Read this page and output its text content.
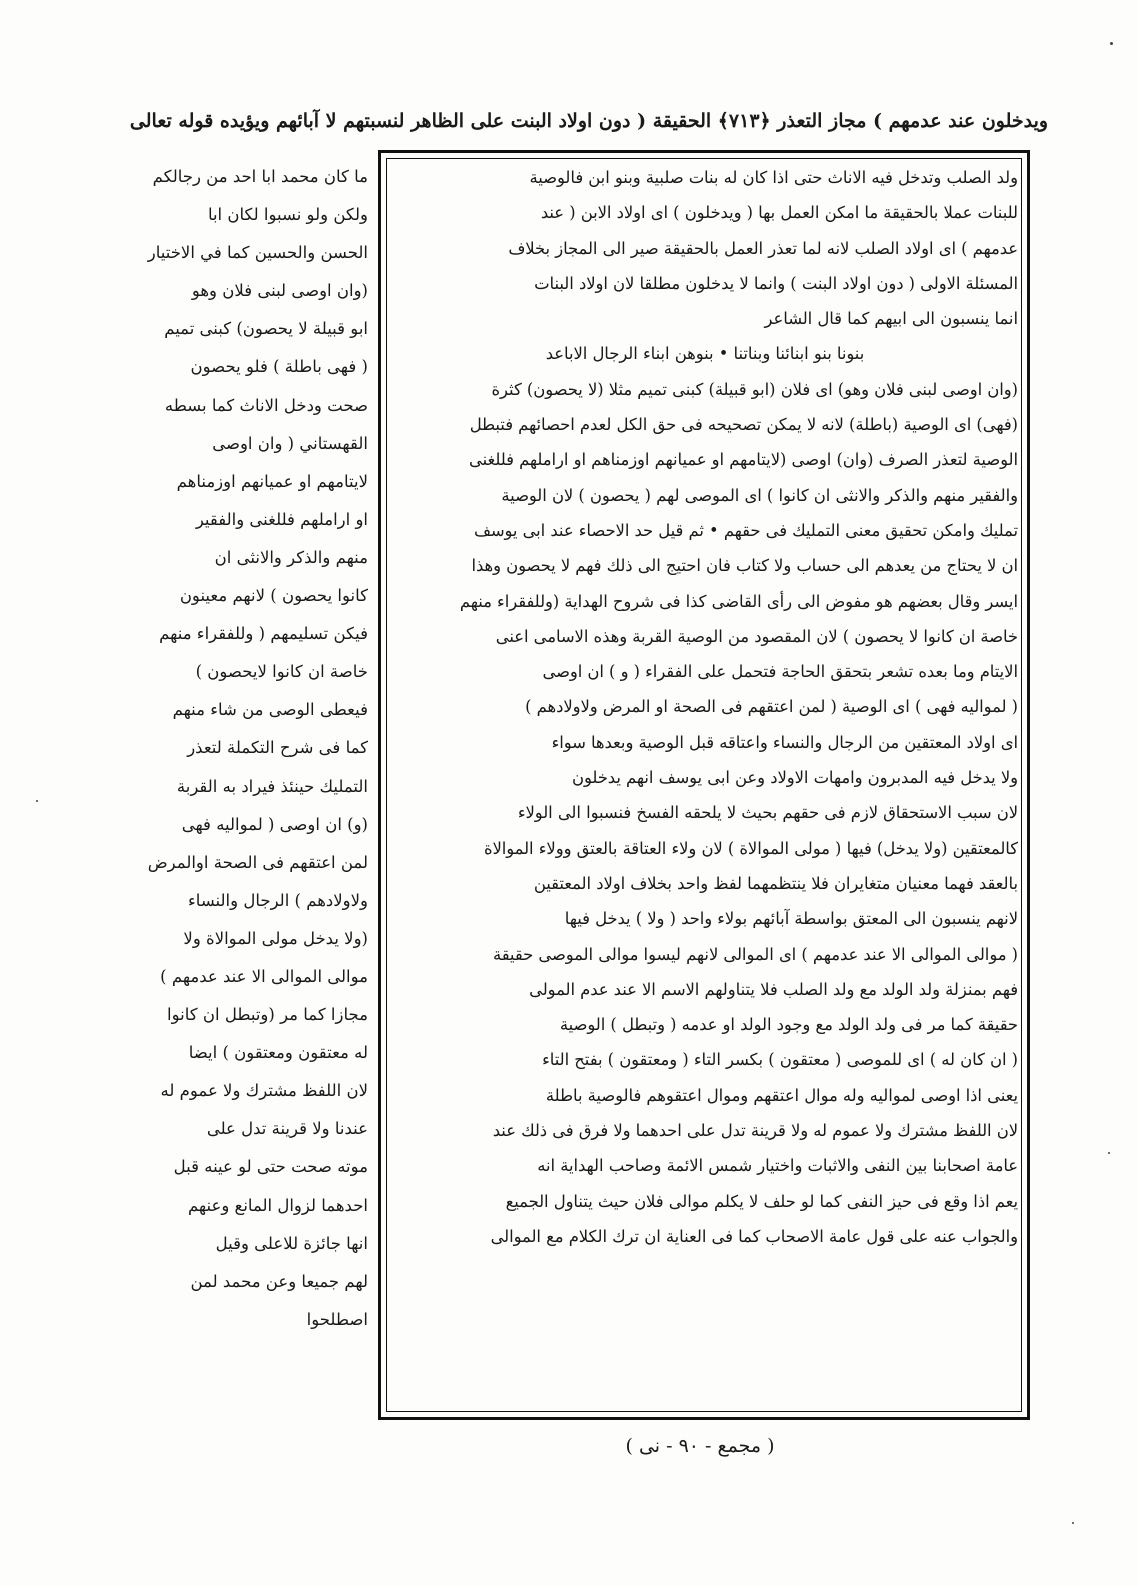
ويدخلون عند عدمهم ) مجاز التعذر ﴿٧١٣﴾ الحقيقة ( دون اولاد البنت على الظاهر لنسبتهم لا آبائهم ويؤيده قوله تعالى
ما كان محمد ابا احد من رجالكم
ولكن ولو نسبوا لكان ابا
الحسن والحسين كما في الاختيار
(وان اوصى لبنى فلان وهو
ابو قبيلة لا يحصون) كبنى تميم
( فهى باطلة ) فلو يحصون
صحت ودخل الاناث كما بسطه
القهستاني ( وان اوصى
لايتامهم او عميانهم اوزمناهم
او اراملهم فللغنى والفقير
منهم والذكر والانثى ان
كانوا يحصون ) لانهم معينون
فيكن تسليمهم ( وللفقراء منهم
خاصة ان كانوا لايحصون )
فيعطى الوصى من شاء منهم
كما فى شرح التكملة لتعذر
التمليك حينئذ فيراد به القربة
(و) ان اوصى ( لمواليه فهى
لمن اعتقهم فى الصحة اوالمرض
ولاولادهم ) الرجال والنساء
(ولا يدخل مولى الموالاة ولا
موالى الموالى الا عند عدمهم )
مجازا كما مر (وتبطل ان كانوا
له معتقون ومعتقون ) ايضا
لان اللفظ مشترك ولا عموم له
عندنا ولا قرينة تدل على
موته صحت حتى لو عينه قبل
احدهما لزوال المانع وعنهم
انها جائزة للاعلى وقيل
لهم جميعا وعن محمد لمن
اصطلحوا
ولد الصلب وتدخل فيه الاناث حتى اذا كان له بنات صلبية وبنو ابن فالوصية
للبنات عملا بالحقيقة ما امكن العمل بها ( ويدخلون ) اى اولاد الابن ( عند
عدمهم ) اى اولاد الصلب لانه لما تعذر العمل بالحقيقة صير الى المجاز بخلاف
المسئلة الاولى ( دون اولاد البنت ) وانما لا يدخلون مطلقا لان اولاد البنات
انما ينسبون الى ابيهم كما قال الشاعر
بنونا بنو ابنائنا وبناتنا • بنوهن ابناء الرجال الاباعد
(وان اوصى لبنى فلان وهو) اى فلان (ابو قبيلة) كبنى تميم مثلا (لا يحصون) كثرة
(فهى) اى الوصية (باطلة) لانه لا يمكن تصحيحه فى حق الكل لعدم احصائهم فتبطل
الوصية لتعذر الصرف (وان) اوصى (لايتامهم او عميانهم اوزمناهم او اراملهم فللغنى
والفقير منهم والذكر والانثى ان كانوا ) اى الموصى لهم ( يحصون ) لان الوصية
تمليك وامكن تحقيق معنى التمليك فى حقهم • ثم قيل حد الاحصاء عند ابى يوسف
ان لا يحتاج من يعدهم الى حساب ولا كتاب فان احتيج الى ذلك فهم لا يحصون وهذا
ايسر وقال بعضهم هو مفوض الى رأى القاضى كذا فى شروح الهداية (وللفقراء منهم
خاصة ان كانوا لا يحصون ) لان المقصود من الوصية القربة وهذه الاسامى اعنى
الايتام وما بعده تشعر بتحقق الحاجة فتحمل على الفقراء ( و ) ان اوصى
( لمواليه فهى ) اى الوصية ( لمن اعتقهم فى الصحة او المرض ولاولادهم )
اى اولاد المعتقين من الرجال والنساء واعتاقه قبل الوصية وبعدها سواء
ولا يدخل فيه المدبرون وامهات الاولاد وعن ابى يوسف انهم يدخلون
لان سبب الاستحقاق لازم فى حقهم بحيث لا يلحقه الفسخ فنسبوا الى الولاء
كالمعتقين (ولا يدخل) فيها ( مولى الموالاة ) لان ولاء العتاقة بالعتق وولاء الموالاة
بالعقد فهما معنيان متغايران فلا ينتظمهما لفظ واحد بخلاف اولاد المعتقين
لانهم ينسبون الى المعتق بواسطة آبائهم بولاء واحد ( ولا ) يدخل فيها
( موالى الموالى الا عند عدمهم ) اى الموالى لانهم ليسوا موالى الموصى حقيقة
فهم بمنزلة ولد الولد مع ولد الصلب فلا يتناولهم الاسم الا عند عدم المولى
حقيقة كما مر فى ولد الولد مع وجود الولد او عدمه ( وتبطل ) الوصية
( ان كان له ) اى للموصى ( معتقون ) بكسر التاء ( ومعتقون ) بفتح التاء
يعنى اذا اوصى لمواليه وله موال اعتقهم وموال اعتقوهم فالوصية باطلة
لان اللفظ مشترك ولا عموم له ولا قرينة تدل على احدهما ولا فرق فى ذلك عند
عامة اصحابنا بين النفى والاثبات واختيار شمس الائمة وصاحب الهداية انه
يعم اذا وقع فى حيز النفى كما لو حلف لا يكلم موالى فلان حيث يتناول الجميع
والجواب عنه على قول عامة الاصحاب كما فى العناية ان ترك الكلام مع الموالى
( مجمع - ٩٠ - نى )
